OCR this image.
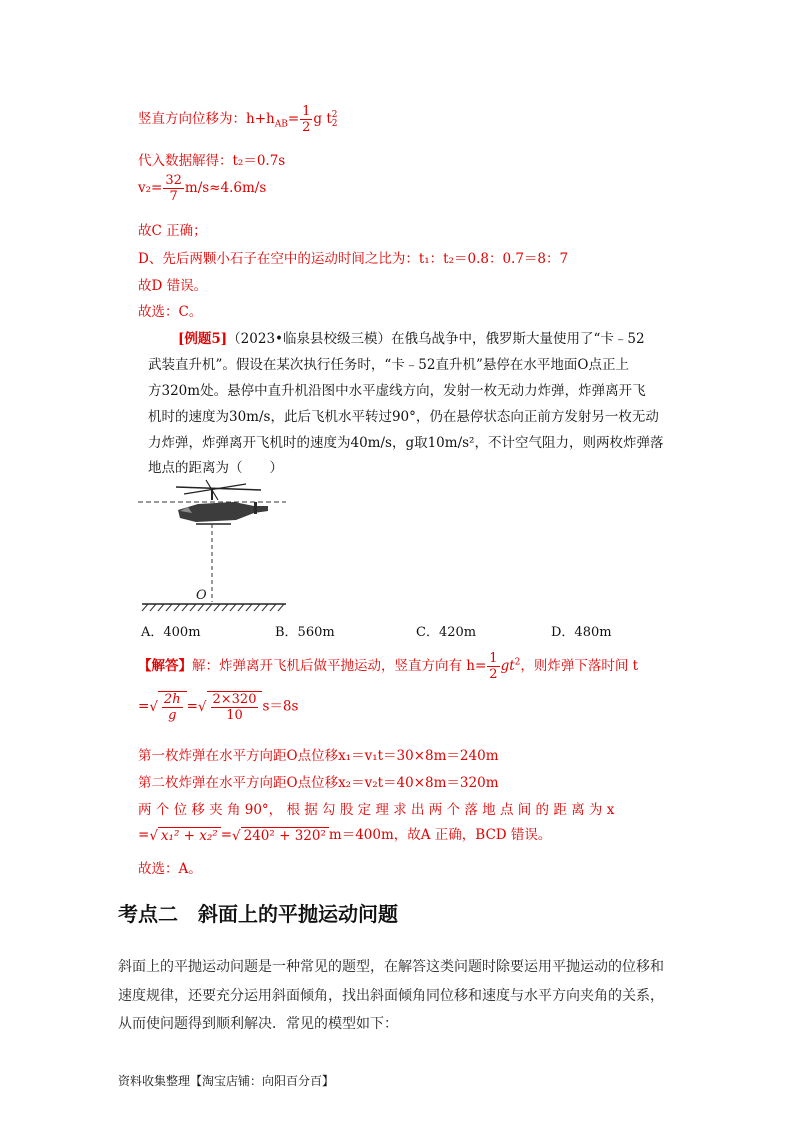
竖直方向位移为：$h+h_{AB}= \frac{1}{2}$ g t 2
2
代入数据解得：t₂＝0.7s
$v_2= \frac{32}{7} m/s\approx 4.6m/s$
故C 正确；
D、先后两颗小石子在空中的运动时间之比为：t₁：t₂＝0.8：0.7＝8：7
故D 错误。
故选：C。
[例题5]（2023•临泉县校级三模）在俄乌战争中，俄罗斯大量使用了“卡﹣52
武装直升机”。假设在某次执行任务时，“卡﹣52直升机”悬停在水平地面O点正上
方320m处。悬停中直升机沿图中水平虚线方向，发射一枚无动力炸弹，炸弹离开飞
机时的速度为30m/s，此后飞机水平转过90°，仍在悬停状态向正前方发射另一枚无动
力炸弹，炸弹离开飞机时的速度为40m/s，g取10m/s²，不计空气阻力，则两枚炸弹落
地点的距离为（　　）
O
A．400m	B．560m	C．420m	D．480m
【解答】解：炸弹离开飞机后做平抛运动，竖直方向有 $h= \frac{1}{2} gt^2$，则炸弹下落时间 t
=√ $\frac{2h}{g}$ =√ $\frac{2\times 320}{10} s=8s$
第一枚炸弹在水平方向距O点位移x₁＝v₁t＝30×8m＝240m
第二枚炸弹在水平方向距O点位移x₂＝v₂t＝40×8m＝320m
两 个 位 移 夹 角 90°， 根 据 勾 股 定 理 求 出 两 个 落 地 点 间 的 距 离 为 x
=√ x₁² + x₂² =√ 240² + 320² m＝400m，故A 正确，BCD 错误。
故选：A。
考点二　斜面上的平抛运动问题
斜面上的平抛运动问题是一种常见的题型，在解答这类问题时除要运用平抛运动的位移和
速度规律，还要充分运用斜面倾角，找出斜面倾角同位移和速度与水平方向夹角的关系，
从而使问题得到顺利解决．常见的模型如下：
资料收集整理【淘宝店铺：向阳百分百】
